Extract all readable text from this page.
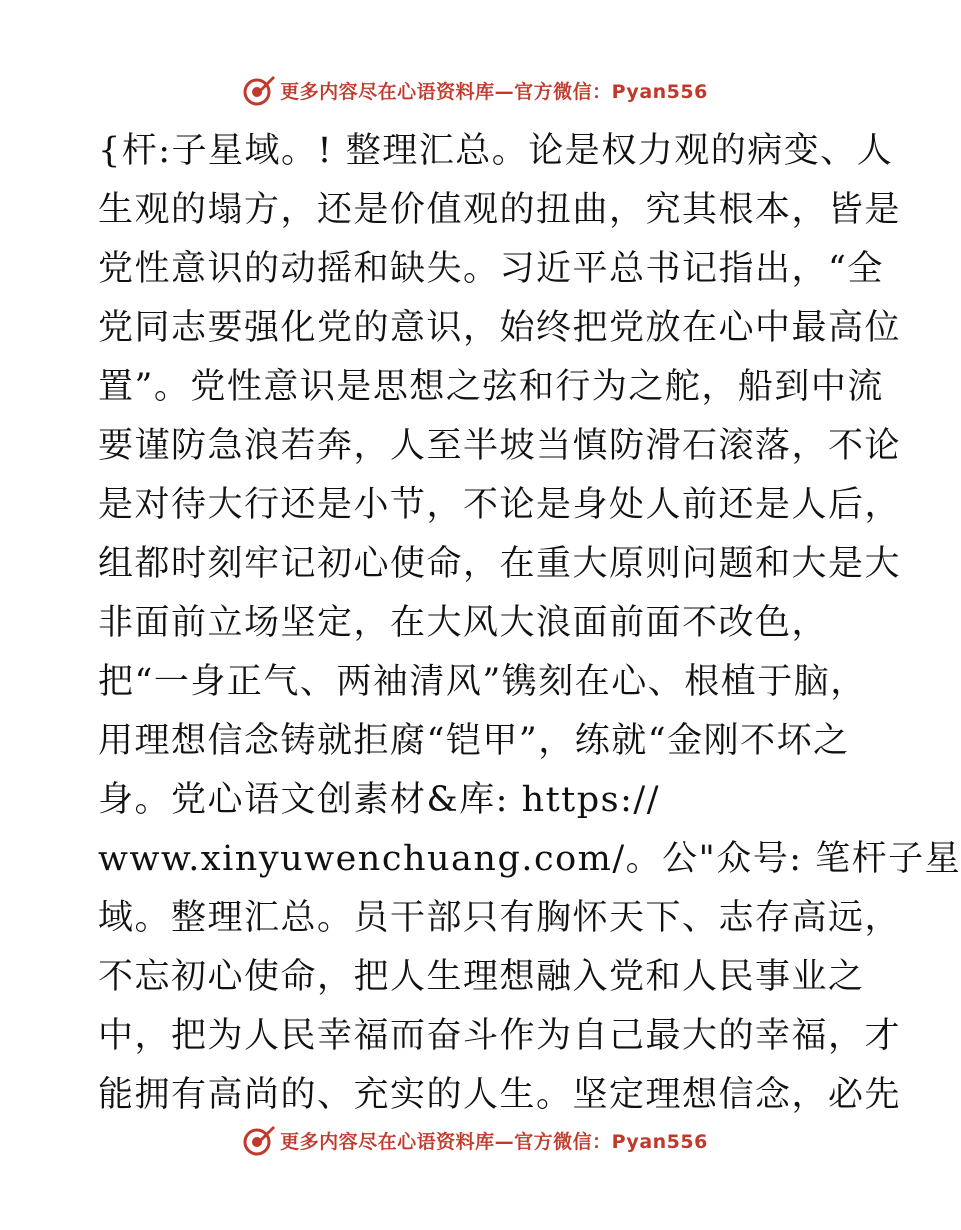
更多内容尽在心语资料库—官方微信：Pyan556
{杆:子星域。! 整理汇总。论是权力观的病变、人
生观的塌方，还是价值观的扭曲，究其根本，皆是
党性意识的动摇和缺失。习近平总书记指出，“全
党同志要强化党的意识，始终把党放在心中最高位
置”。党性意识是思想之弦和行为之舵，船到中流
要谨防急浪若奔，人至半坡当慎防滑石滚落，不论
是对待大行还是小节，不论是身处人前还是人后，
组都时刻牢记初心使命，在重大原则问题和大是大
非面前立场坚定，在大风大浪面前面不改色，
把“一身正气、两袖清风”镌刻在心、根植于脑，
用理想信念铸就拒腐“铠甲”，练就“金刚不坏之
身。党心语文创素材&库: https://
www.xinyuwenchuang.com/。公"众号: 笔杆子星
域。整理汇总。员干部只有胸怀天下、志存高远，
不忘初心使命，把人生理想融入党和人民事业之
中，把为人民幸福而奋斗作为自己最大的幸福，才
能拥有高尚的、充实的人生。坚定理想信念，必先
更多内容尽在心语资料库—官方微信：Pyan556
